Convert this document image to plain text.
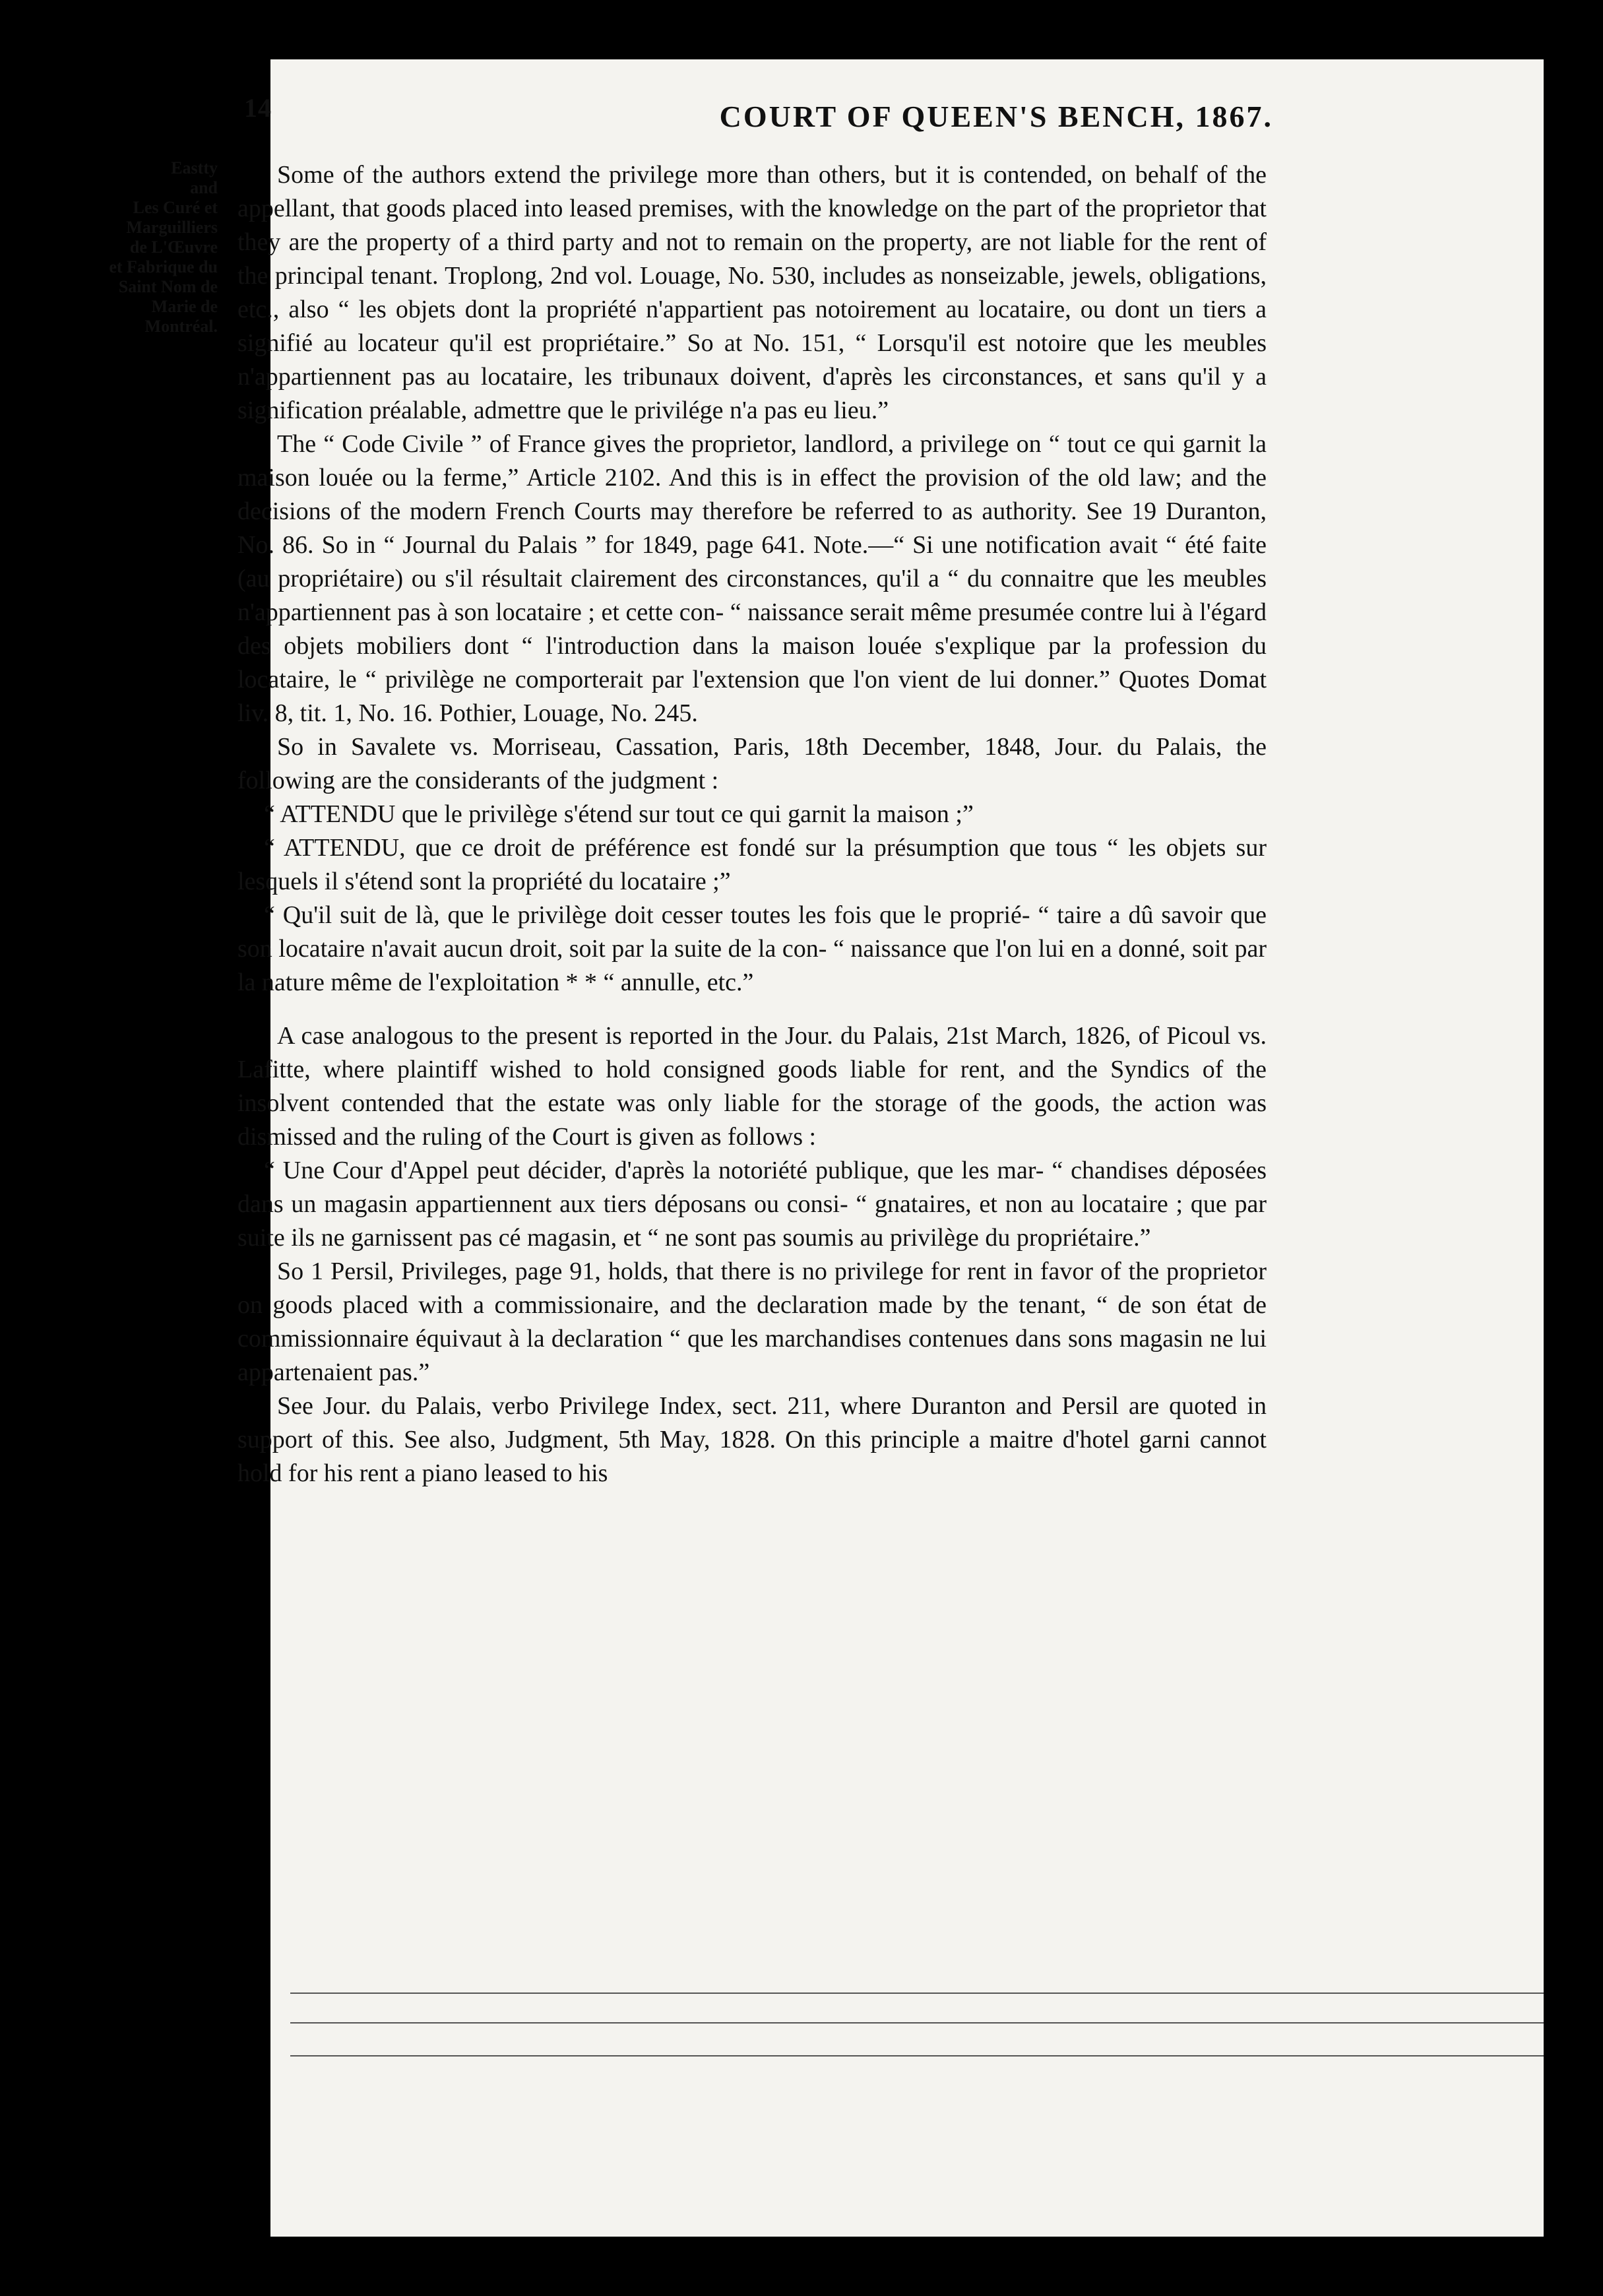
14	COURT OF QUEEN'S BENCH, 1867.
Eastty
and
Les Curé et
Marguilliers
de L'Œuvre
et Fabrique du
Saint Nom de
Marie de
Montréal.

Some of the authors extend the privilege more than others, but it is contended, on behalf of the appellant, that goods placed into leased premises, with the knowledge on the part of the proprietor that they are the property of a third party and not to remain on the property, are not liable for the rent of the principal tenant. Troplong, 2nd vol. Louage, No. 530, includes as nonseizable, jewels, obligations, etc., also “ les objets dont la propriété n'appartient pas notoirement au locataire, ou dont un tiers a signifié au locateur qu'il est propriétaire.” So at No. 151, “ Lorsqu'il est notoire que les meubles n'appartiennent pas au locataire, les tribunaux doivent, d'après les circonstances, et sans qu'il y a signification préalable, admettre que le privilége n'a pas eu lieu.”

The “ Code Civile ” of France gives the proprietor, landlord, a privilege on “ tout ce qui garnit la maison louée ou la ferme,” Article 2102. And this is in effect the provision of the old law; and the decisions of the modern French Courts may therefore be referred to as authority. See 19 Duranton, No. 86. So in “ Journal du Palais ” for 1849, page 641. Note.—“ Si une notification avait “ été faite (au propriétaire) ou s'il résultait clairement des circonstances, qu'il a “ du connaitre que les meubles n'appartiennent pas à son locataire ; et cette con- “ naissance serait même presumée contre lui à l'égard des objets mobiliers dont “ l'introduction dans la maison louée s'explique par la profession du locataire, le “ privilège ne comporterait par l'extension que l'on vient de lui donner.” Quotes Domat liv. 8, tit. 1, No. 16. Pothier, Louage, No. 245.

So in Savalete vs. Morriseau, Cassation, Paris, 18th December, 1848, Jour. du Palais, the following are the considerants of the judgment :

“ ATTENDU que le privilège s'étend sur tout ce qui garnit la maison ;”

“ ATTENDU, que ce droit de préférence est fondé sur la présumption que tous “ les objets sur lesquels il s'étend sont la propriété du locataire ;”

“ Qu'il suit de là, que le privilège doit cesser toutes les fois que le proprié- “ taire a dû savoir que son locataire n'avait aucun droit, soit par la suite de la con- “ naissance que l'on lui en a donné, soit par la nature même de l'exploitation * * “ annulle, etc.”

A case analogous to the present is reported in the Jour. du Palais, 21st March, 1826, of Picoul vs. Lafitte, where plaintiff wished to hold consigned goods liable for rent, and the Syndics of the insolvent contended that the estate was only liable for the storage of the goods, the action was dismissed and the ruling of the Court is given as follows :

“ Une Cour d'Appel peut décider, d'après la notoriété publique, que les mar- “ chandises déposées dans un magasin appartiennent aux tiers déposans ou consi- “ gnataires, et non au locataire ; que par suite ils ne garnissent pas cé magasin, et “ ne sont pas soumis au privilège du propriétaire.”

So 1 Persil, Privileges, page 91, holds, that there is no privilege for rent in favor of the proprietor on goods placed with a commissionaire, and the declaration made by the tenant, “ de son état de commissionnaire équivaut à la declaration “ que les marchandises contenues dans sons magasin ne lui appartenaient pas.”

See Jour. du Palais, verbo Privilege Index, sect. 211, where Duranton and Persil are quoted in support of this. See also, Judgment, 5th May, 1828. On this principle a maitre d'hotel garni cannot hold for his rent a piano leased to his
